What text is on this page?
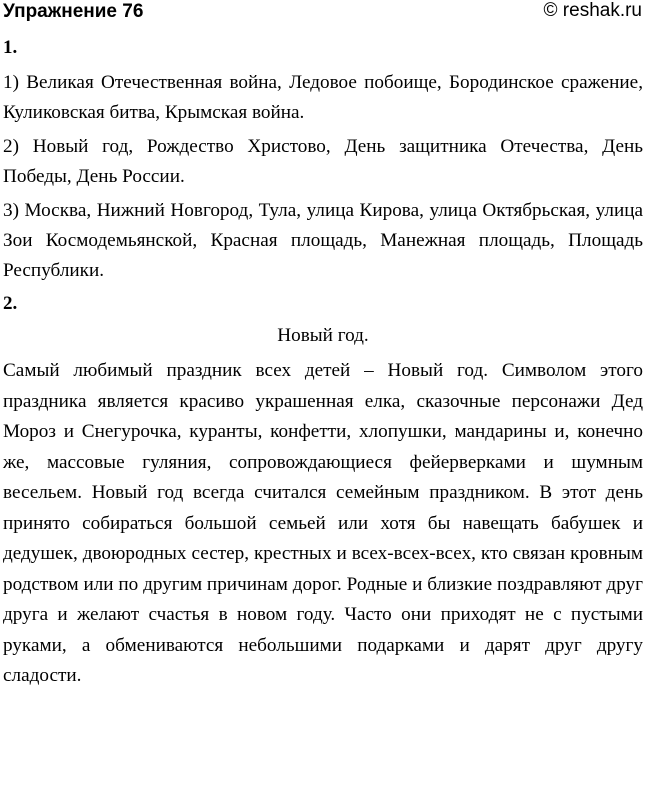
Упражнение 76	© reshak.ru
1.

1) Великая Отечественная война, Ледовое побоище, Бородинское сражение, Куликовская битва, Крымская война.

2) Новый год, Рождество Христово, День защитника Отечества, День Победы, День России.

3) Москва, Нижний Новгород, Тула, улица Кирова, улица Октябрьская, улица Зои Космодемьянской, Красная площадь, Манежная площадь, Площадь Республики.

2.
Новый год.

Самый любимый праздник всех детей – Новый год. Символом этого праздника является красиво украшенная елка, сказочные персонажи Дед Мороз и Снегурочка, куранты, конфетти, хлопушки, мандарины и, конечно же, массовые гуляния, сопровождающиеся фейерверками и шумным весельем. Новый год всегда считался семейным праздником. В этот день принято собираться большой семьей или хотя бы навещать бабушек и дедушек, двоюродных сестер, крестных и всех-всех-всех, кто связан кровным родством или по другим причинам дорог. Родные и близкие поздравляют друг друга и желают счастья в новом году. Часто они приходят не с пустыми руками, а обмениваются небольшими подарками и дарят друг другу сладости.
